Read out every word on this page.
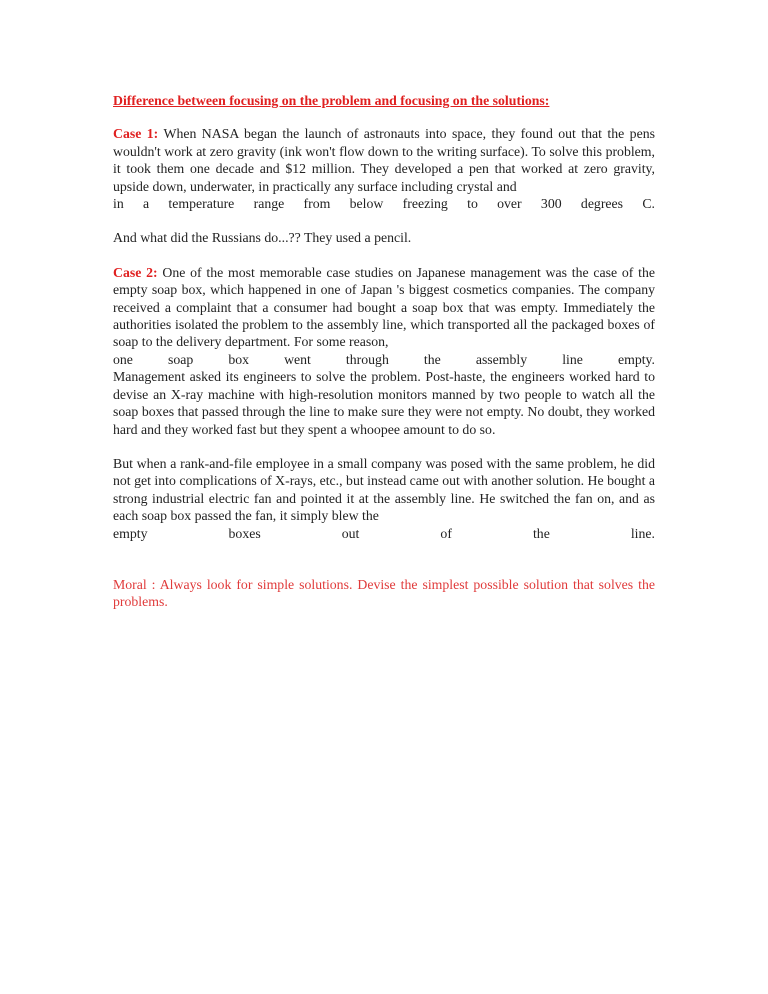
Difference between focusing on the problem and focusing on the solutions:

Case 1: When NASA began the launch of astronauts into space, they found out that the pens wouldn't work at zero gravity (ink won't flow down to the writing surface). To solve this problem, it took them one decade and $12 million. They developed a pen that worked at zero gravity, upside down, underwater, in practically any surface including crystal and

in a temperature range from below freezing to over 300 degrees C.

And what did the Russians do...?? They used a pencil.

Case 2: One of the most memorable case studies on Japanese management was the case of the empty soap box, which happened in one of Japan 's biggest cosmetics companies. The company received a complaint that a consumer had bought a soap box that was empty. Immediately the authorities isolated the problem to the assembly line, which transported all the packaged boxes of soap to the delivery department. For some reason,

one soap box went through the assembly line empty.

Management asked its engineers to solve the problem. Post-haste, the engineers worked hard to devise an X-ray machine with high-resolution monitors manned by two people to watch all the soap boxes that passed through the line to make sure they were not empty. No doubt, they worked hard and they worked fast but they spent a whoopee amount to do so.

But when a rank-and-file employee in a small company was posed with the same problem, he did not get into complications of X-rays, etc., but instead came out with another solution. He bought a strong industrial electric fan and pointed it at the assembly line. He switched the fan on, and as each soap box passed the fan, it simply blew the

empty boxes out of the line.

Moral : Always look for simple solutions. Devise the simplest possible solution that solves the problems.
